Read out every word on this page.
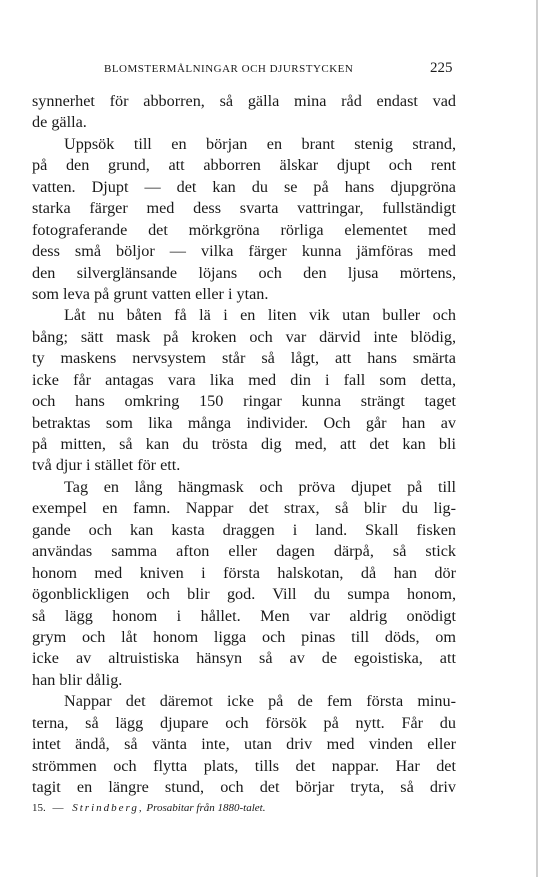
BLOMSTERMÅLNINGAR OCH DJURSTYCKEN	225
synnerhet för abborren, så gälla mina råd endast vad
de gälla.
Uppsök till en början en brant stenig strand,
på den grund, att abborren älskar djupt och rent
vatten. Djupt — det kan du se på hans djupgröna
starka färger med dess svarta vattringar, fullständigt
fotograferande det mörkgröna rörliga elementet med
dess små böljor — vilka färger kunna jämföras med
den silverglänsande löjans och den ljusa mörtens,
som leva på grunt vatten eller i ytan.
Låt nu båten få lä i en liten vik utan buller och
bång; sätt mask på kroken och var därvid inte blödig,
ty maskens nervsystem står så lågt, att hans smärta
icke får antagas vara lika med din i fall som detta,
och hans omkring 150 ringar kunna strängt taget
betraktas som lika många individer. Och går han av
på mitten, så kan du trösta dig med, att det kan bli
två djur i stället för ett.
Tag en lång hängmask och pröva djupet på till
exempel en famn. Nappar det strax, så blir du lig-
gande och kan kasta draggen i land. Skall fisken
användas samma afton eller dagen därpå, så stick
honom med kniven i första halskotan, då han dör
ögonblickligen och blir god. Vill du sumpa honom,
så lägg honom i hållet. Men var aldrig onödigt
grym och låt honom ligga och pinas till döds, om
icke av altruistiska hänsyn så av de egoistiska, att
han blir dålig.
Nappar det däremot icke på de fem första minu-
terna, så lägg djupare och försök på nytt. Får du
intet ändå, så vänta inte, utan driv med vinden eller
strömmen och flytta plats, tills det nappar. Har det
tagit en längre stund, och det börjar tryta, så driv
15. — Strindberg, Prosabitar från 1880-talet.
